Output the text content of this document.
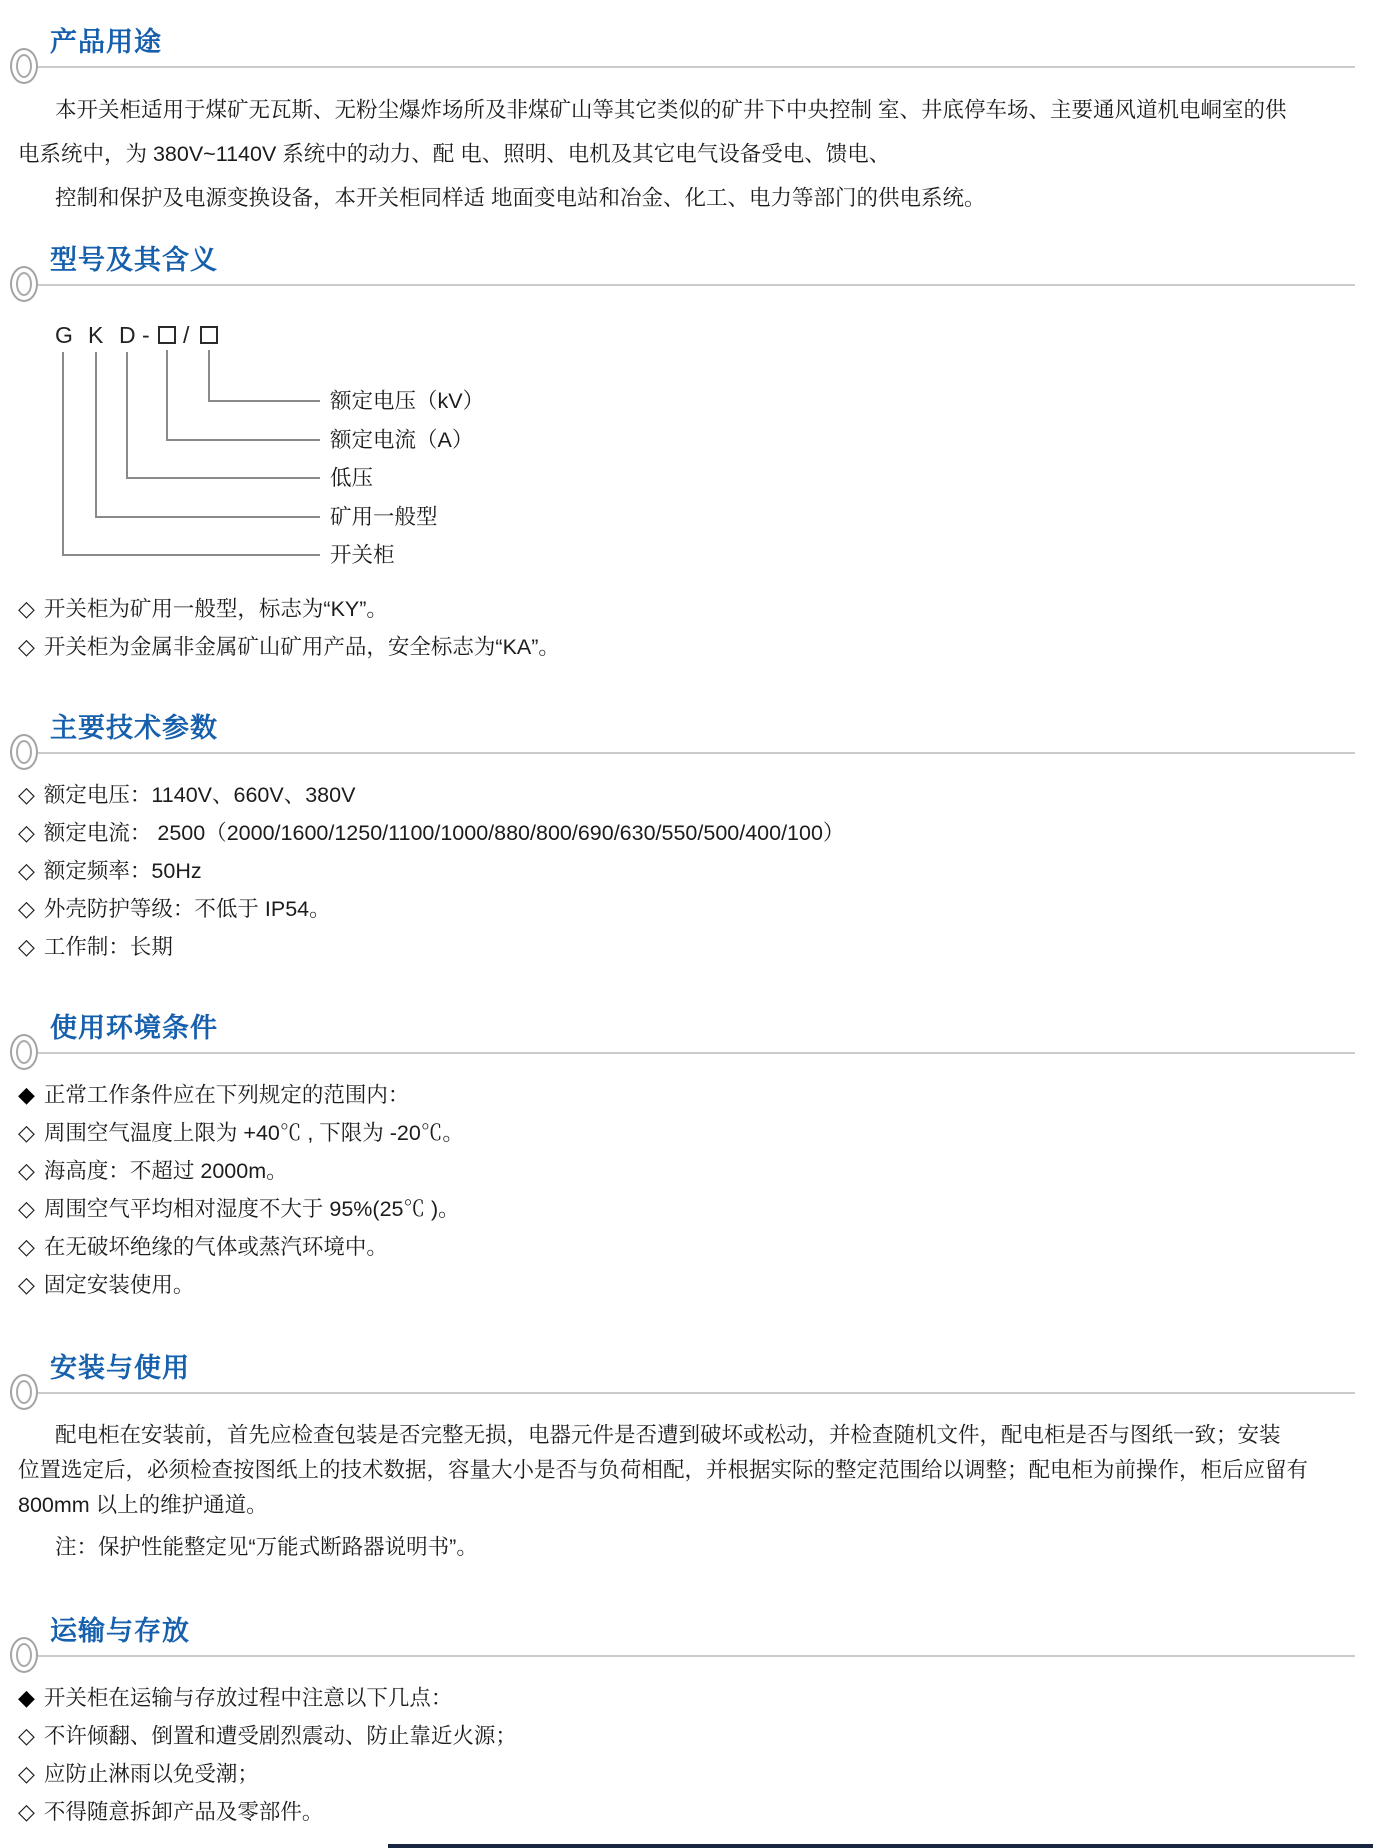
产品用途
本开关柜适用于煤矿无瓦斯、无粉尘爆炸场所及非煤矿山等其它类似的矿井下中央控制 室、井底停车场、主要通风道机电峒室的供
电系统中，为 380V~1140V 系统中的动力、配 电、照明、电机及其它电气设备受电、馈电、
控制和保护及电源变换设备，本开关柜同样适 地面变电站和冶金、化工、电力等部门的供电系统。
型号及其含义
G K D - /
额定电压（kV）
额定电流（A）
低压
矿用一般型
开关柜
◇ 开关柜为矿用一般型，标志为“KY”。
◇ 开关柜为金属非金属矿山矿用产品，安全标志为“KA”。
主要技术参数
◇ 额定电压：1140V、660V、380V
◇ 额定电流： 2500（2000/1600/1250/1100/1000/880/800/690/630/550/500/400/100）
◇ 额定频率：50Hz
◇ 外壳防护等级：不低于 IP54。
◇ 工作制：长期
使用环境条件
◆ 正常工作条件应在下列规定的范围内：
◇ 周围空气温度上限为 +40℃ , 下限为 -20℃。
◇ 海高度：不超过 2000m。
◇ 周围空气平均相对湿度不大于 95%(25℃ )。
◇ 在无破坏绝缘的气体或蒸汽环境中。
◇ 固定安装使用。
安装与使用
配电柜在安装前，首先应检查包装是否完整无损，电器元件是否遭到破坏或松动，并检查随机文件，配电柜是否与图纸一致；安装
位置选定后，必须检查按图纸上的技术数据，容量大小是否与负荷相配，并根据实际的整定范围给以调整；配电柜为前操作，柜后应留有
800mm 以上的维护通道。
注：保护性能整定见“万能式断路器说明书”。
运输与存放
◆ 开关柜在运输与存放过程中注意以下几点：
◇ 不许倾翻、倒置和遭受剧烈震动、防止靠近火源；
◇ 应防止淋雨以免受潮；
◇ 不得随意拆卸产品及零部件。
